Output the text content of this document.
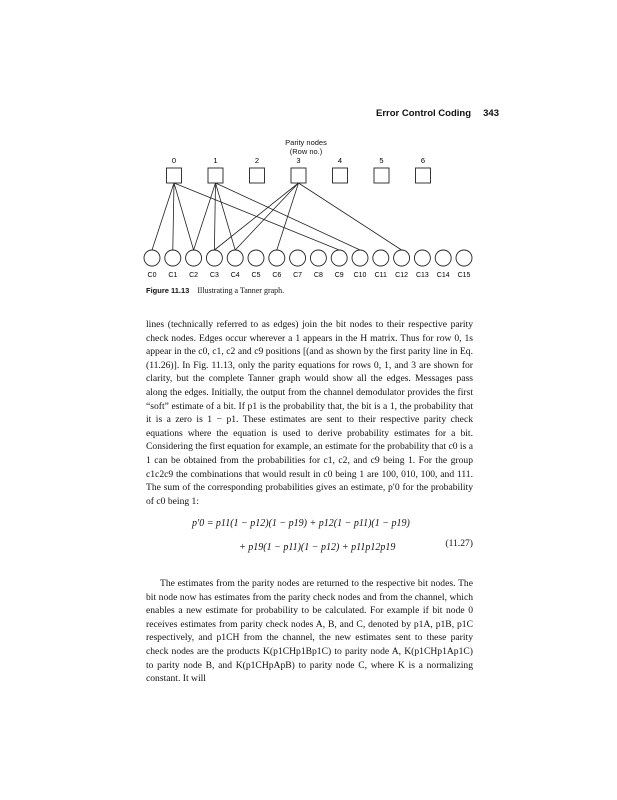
Error Control Coding 343
Parity nodes
(Row no.)
0	1	2	3	4	5	6
C0 C1 C2 C3 C4 C5 C6 C7 C8 C9 C10 C11 C12 C13 C14 C15
Figure 11.13 Illustrating a Tanner graph.
lines (technically referred to as edges) join the bit nodes to their respective parity check nodes. Edges occur wherever a 1 appears in the H matrix. Thus for row 0, 1s appear in the c0, c1, c2 and c9 positions [(and as shown by the first parity line in Eq. (11.26)]. In Fig. 11.13, only the parity equations for rows 0, 1, and 3 are shown for clarity, but the complete Tanner graph would show all the edges. Messages pass along the edges. Initially, the output from the channel demodulator provides the first “soft” estimate of a bit. If p1 is the probability that, the bit is a 1, the probability that it is a zero is 1 − p1. These estimates are sent to their respective parity check equations where the equation is used to derive probability estimates for a bit. Considering the first equation for example, an estimate for the probability that c0 is a 1 can be obtained from the probabilities for c1, c2, and c9 being 1. For the group c1c2c9 the combinations that would result in c0 being 1 are 100, 010, 100, and 111. The sum of the corresponding probabilities gives an estimate, p′0 for the probability of c0 being 1:
p′0 = p11(1 − p12)(1 − p19) + p12(1 − p11)(1 − p19)
+ p19(1 − p11)(1 − p12) + p11p12p19	(11.27)
The estimates from the parity nodes are returned to the respective bit nodes. The bit node now has estimates from the parity check nodes and from the channel, which enables a new estimate for probability to be calculated. For example if bit node 0 receives estimates from parity check nodes A, B, and C, denoted by p1A, p1B, p1C respectively, and p1CH from the channel, the new estimates sent to these parity check nodes are the products K(p1CHp1Bp1C) to parity node A, K(p1CHp1Ap1C) to parity node B, and K(p1CHpApB) to parity node C, where K is a normalizing constant. It will
